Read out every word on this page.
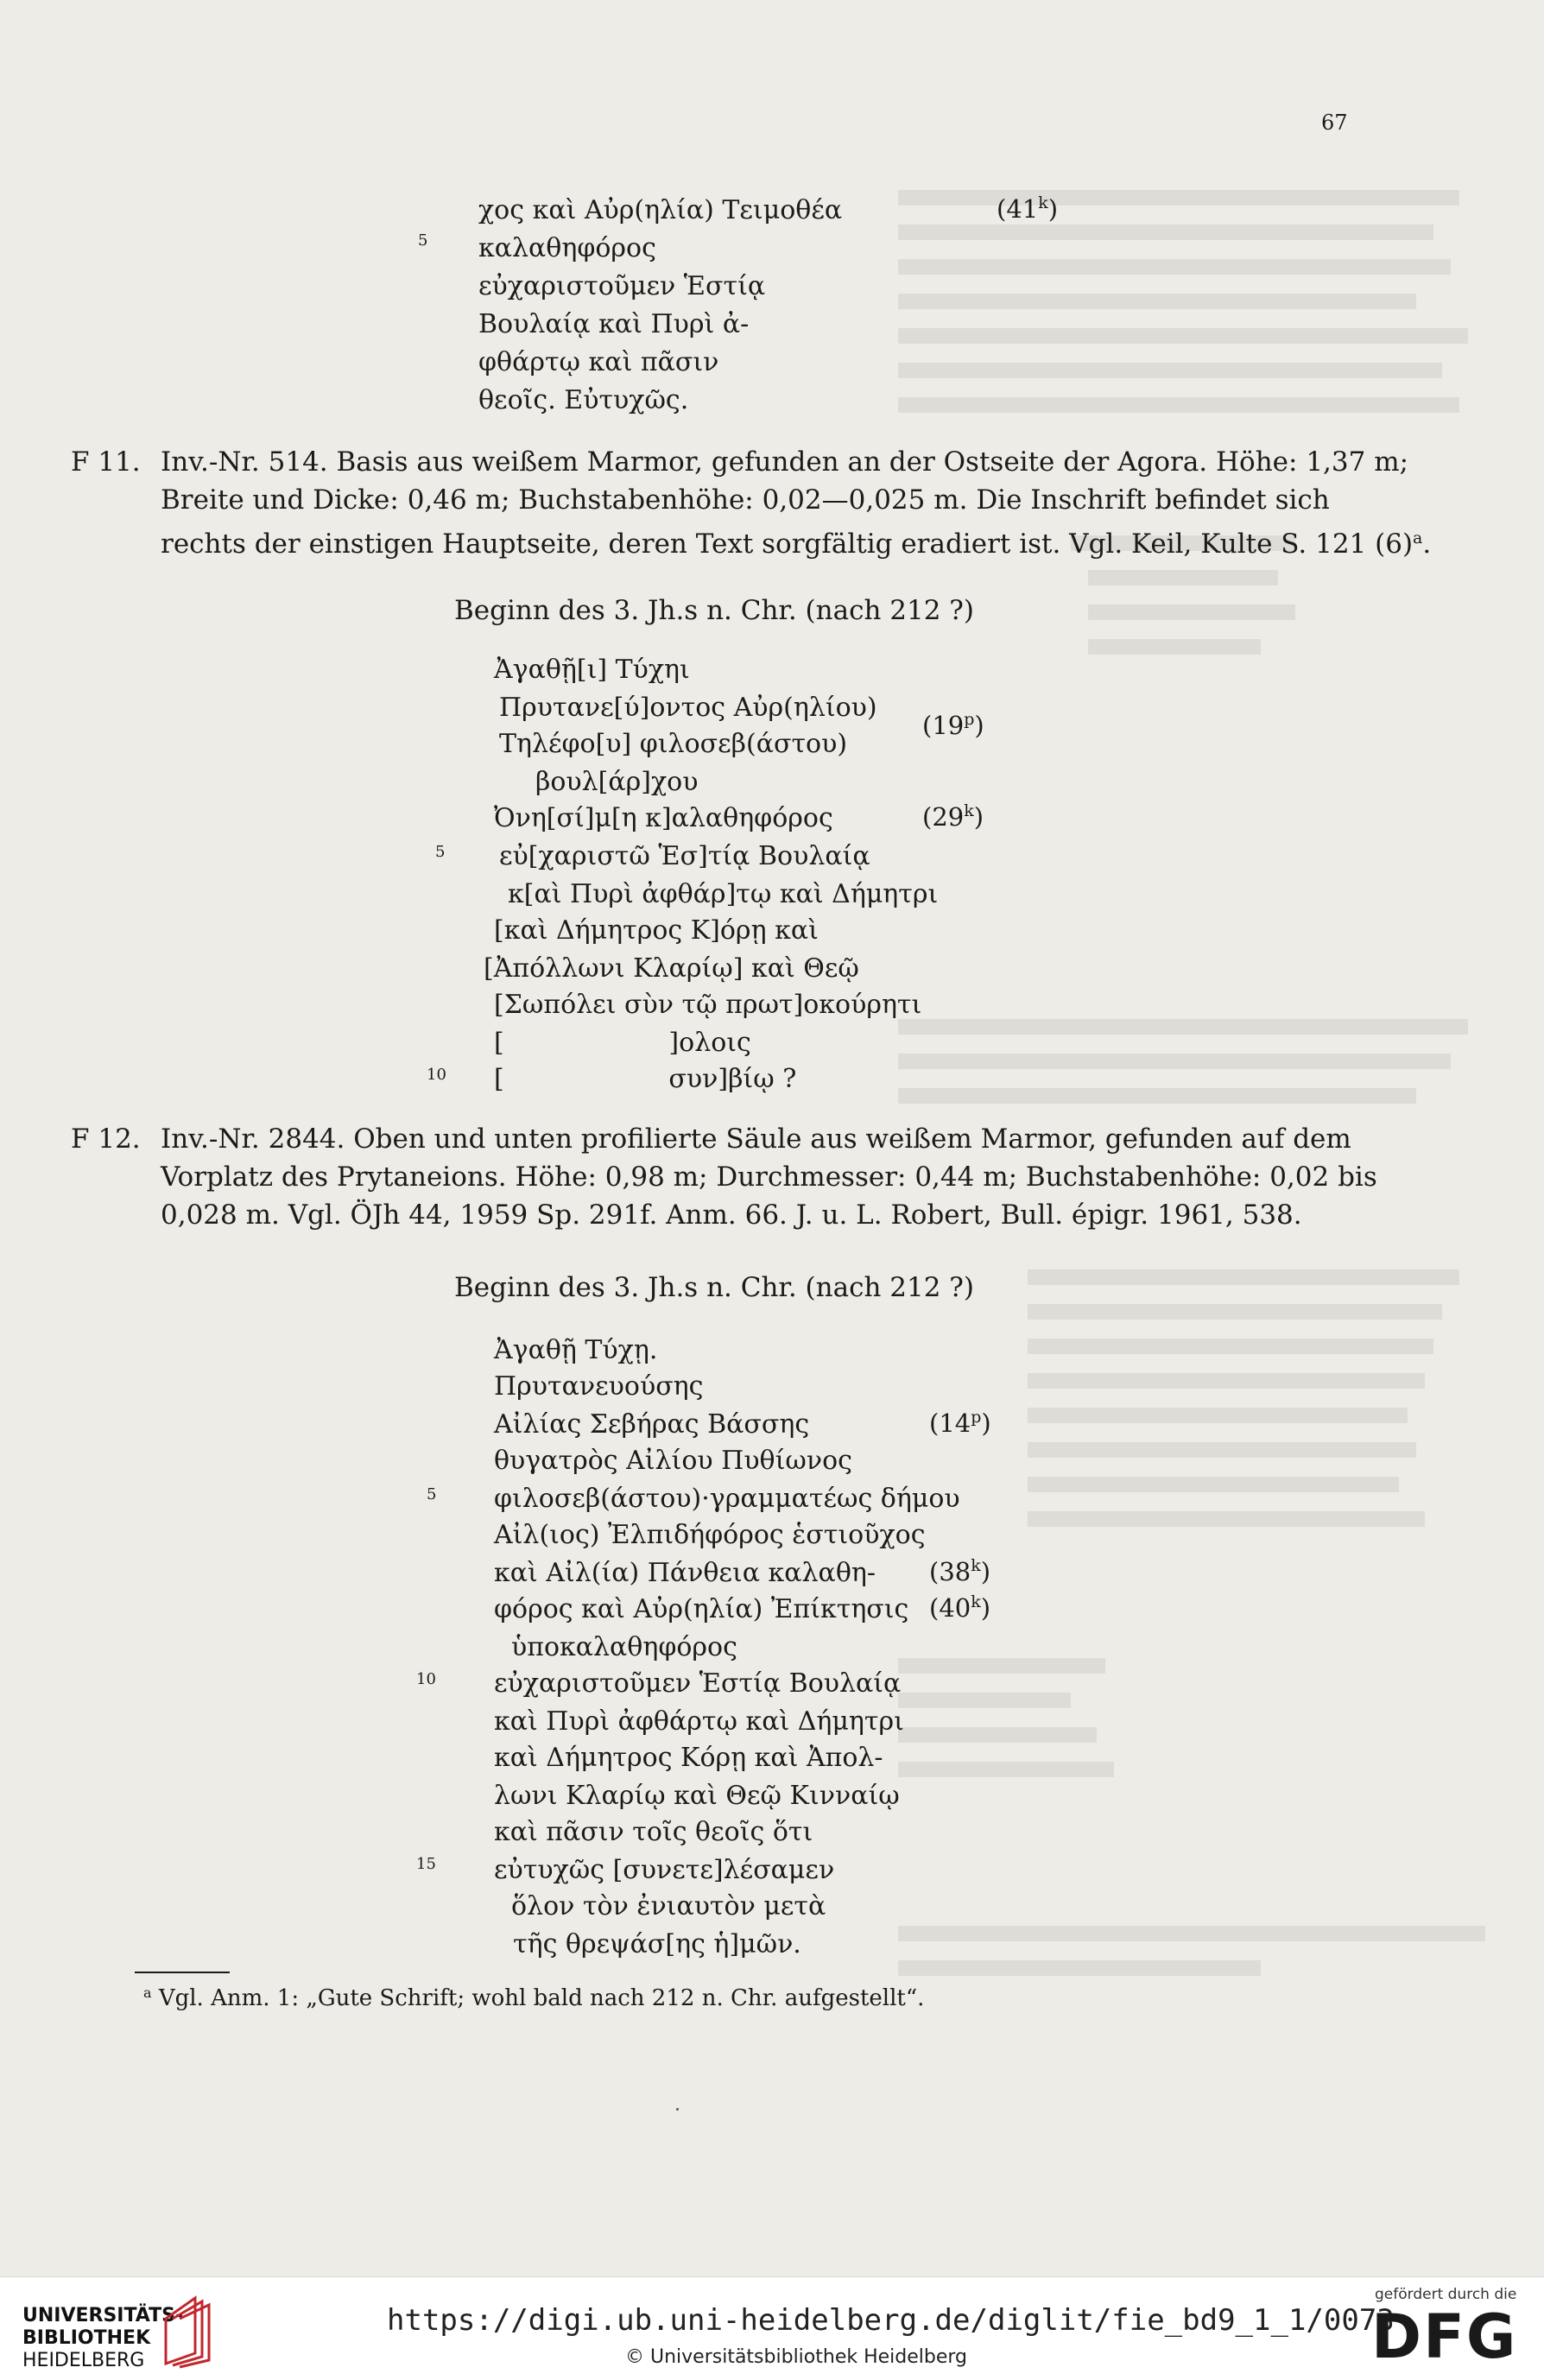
67
χος καὶ Αὐρ(ηλία) Τειμοθέα
καλαθηφόρος
εὐχαριστοῦμεν Ἑστίᾳ
Βουλαίᾳ καὶ Πυρὶ ἀ-
φθάρτῳ καὶ πᾶσιν
θεοῖς. Εὐτυχῶς.
5
(41$^k$)
F 11. Inv.-Nr. 514. Basis aus weißem Marmor, gefunden an der Ostseite der Agora. Höhe: 1,37 m;
Breite und Dicke: 0,46 m; Buchstabenhöhe: 0,02—0,025 m. Die Inschrift befindet sich
rechts der einstigen Hauptseite, deren Text sorgfältig eradiert ist. Vgl. Keil, Kulte S. 121 $(6)^a$.
Beginn des 3. Jh.s n. Chr. (nach 212 ?)
Ἀγαθῇ[ι] Τύχηι
Πρυτανε[ύ]οντος Αὐρ(ηλίου)
Τηλέφο[υ] φιλοσεβ(άστου)
βουλ[άρ]χου
Ὀνη[σί]μ[η κ]αλαθηφόρος
εὐ[χαριστῶ Ἑσ]τίᾳ Βουλαίᾳ
κ[αὶ Πυρὶ ἀφθάρ]τῳ καὶ Δήμητρι
[καὶ Δήμητρος Κ]όρῃ καὶ
[Ἀπόλλωνι Κλαρίῳ] καὶ Θεῷ
[Σωπόλει σὺν τῷ πρωτ]οκούρητι
[                    ]ολοις
[                    συν]βίῳ ?
5
10
(19$^p$)
(29$^k$)
F 12. Inv.-Nr. 2844. Oben und unten profilierte Säule aus weißem Marmor, gefunden auf dem
Vorplatz des Prytaneions. Höhe: 0,98 m; Durchmesser: 0,44 m; Buchstabenhöhe: 0,02 bis
0,028 m. Vgl. ÖJh 44, 1959 Sp. 291f. Anm. 66. J. u. L. Robert, Bull. épigr. 1961, 538.
Beginn des 3. Jh.s n. Chr. (nach 212 ?)
Ἀγαθῇ Τύχῃ.
Πρυτανευούσης
Αἰλίας Σεβήρας Βάσσης
θυγατρὸς Αἰλίου Πυθίωνος
φιλοσεβ(άστου)·γραμματέως δήμου
Αἰλ(ιος) Ἐλπιδήφόρος ἑστιοῦχος
καὶ Αἰλ(ία) Πάνθεια καλαθη-
φόρος καὶ Αὐρ(ηλία) Ἐπίκτησις
ὑποκαλαθηφόρος
εὐχαριστοῦμεν Ἑστίᾳ Βουλαίᾳ
καὶ Πυρὶ ἀφθάρτῳ καὶ Δήμητρι
καὶ Δήμητρος Κόρῃ καὶ Ἀπολ-
λωνι Κλαρίῳ καὶ Θεῷ Κινναίῳ
καὶ πᾶσιν τοῖς θεοῖς ὅτι
εὐτυχῶς [συνετε]λέσαμεν
ὅλον τὸν ἐνιαυτὸν μετὰ
τῆς θρεψάσ[ης ἡ]μῶν.
5
10
15
(14$^p$)
(38$^k$)
(40$^k$)
$^a$ Vgl. Anm. 1: „Gute Schrift; wohl bald nach 212 n. Chr. aufgestellt“.
UNIVERSITÄTS-
BIBLIOTHEK
HEIDELBERG
https://digi.ub.uni-heidelberg.de/diglit/fie_bd9_1_1/0073
© Universitätsbibliothek Heidelberg
gefördert durch die
DFG
